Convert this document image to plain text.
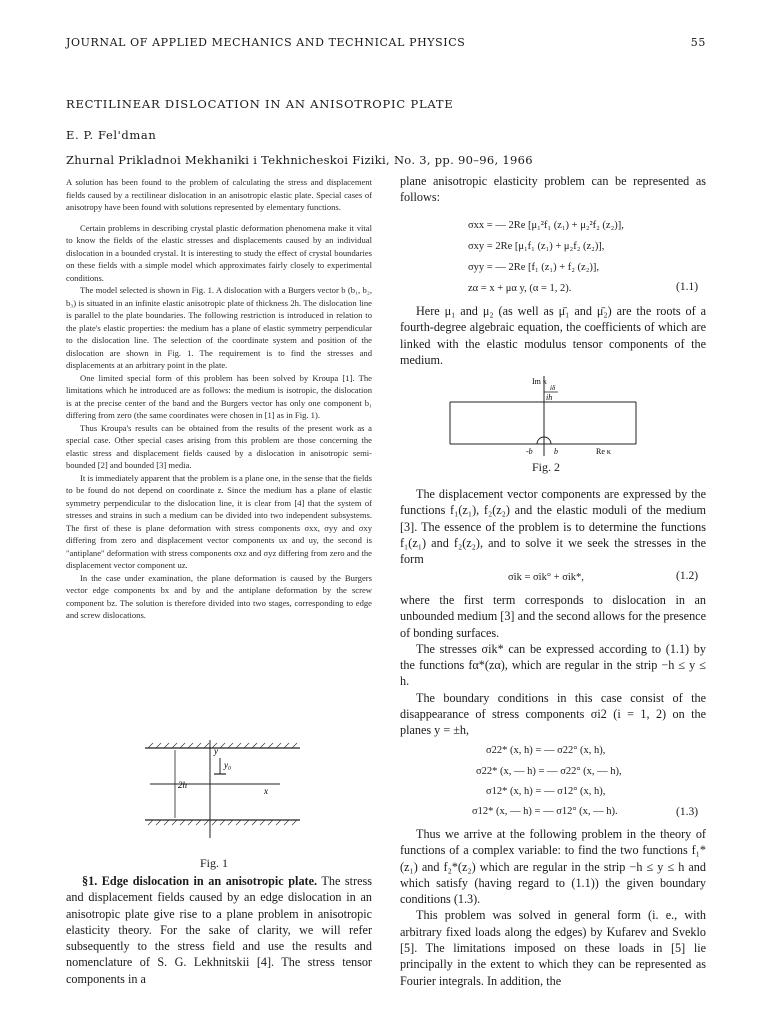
JOURNAL OF APPLIED MECHANICS AND TECHNICAL PHYSICS	55
RECTILINEAR DISLOCATION IN AN ANISOTROPIC PLATE
E. P. Fel'dman
Zhurnal Prikladnoi Mekhaniki i Tekhnicheskoi Fiziki, No. 3, pp. 90–96, 1966

A solution has been found to the problem of calculating the stress and displacement fields caused by a rectilinear dislocation in an anisotropic elastic plate. Special cases of anisotropy have been found with solutions represented by elementary functions.

Certain problems in describing crystal plastic deformation phenomena make it vital to know the fields of the elastic stresses and displacements caused by an individual dislocation in a bounded crystal. It is interesting to study the effect of crystal boundaries on these fields with a simple model which approximates fairly closely to experimental conditions.

The model selected is shown in Fig. 1. A dislocation with a Burgers vector b (b₁, b₂, b₃) is situated in an infinite elastic anisotropic plate of thickness 2h. The dislocation line is parallel to the plate boundaries. The following restriction is introduced in relation to the plate's elastic properties: the medium has a plane of elastic symmetry perpendicular to the dislocation line. The selection of the coordinate system and position of the dislocation are shown in Fig. 1. The requirement is to find the stresses and displacements at an arbitrary point in the plate.

One limited special form of this problem has been solved by Kroupa [1]. The limitations which he introduced are as follows: the medium is isotropic, the dislocation is at the precise center of the band and the Burgers vector has only one component b₁ differing from zero (the same coordinates were chosen in [1] as in Fig. 1).

Thus Kroupa's results can be obtained from the results of the present work as a special case. Other special cases arising from this problem are those concerning the elastic stress and displacement fields caused by a dislocation in anisotropic semi-bounded [2] and bounded [3] media.

It is immediately apparent that the problem is a plane one, in the sense that the fields to be found do not depend on coordinate z. Since the medium has a plane of elastic symmetry perpendicular to the dislocation line, it is clear from [4] that the system of stresses and strains in such a medium can be divided into two independent subsystems. The first of these is plane deformation with stress components σxx, σyy and σxy differing from zero and displacement vector components ux and uy, the second is "antiplane" deformation with stress components σxz and σyz differing from zero and the displacement vector component uz.

In the case under examination, the plane deformation is caused by the Burgers vector edge components bx and by and the antiplane deformation by the screw component bz. The solution is therefore divided into two stages, corresponding to edge and screw dislocations.

y
2h
y₀
x
Fig. 1

§1. Edge dislocation in an anisotropic plate. The stress and displacement fields caused by an edge dislocation in an anisotropic plate give rise to a plane problem in anisotropic elasticity theory. For the sake of clarity, we will refer subsequently to the stress field and use the results and nomenclature of S. G. Lekhnitskii [4]. The stress tensor components in a

plane anisotropic elasticity problem can be represented as follows:

σxx = — 2Re [μ₁²f₁ (z₁) + μ₂²f₂ (z₂)],
σxy = 2Re [μ₁f₁ (z₁) + μ₂f₂ (z₂)],
σyy = — 2Re [f₁ (z₁) + f₂ (z₂)],
zα = x + μα y, (α = 1, 2).	(1.1)

Here μ₁ and μ₂ (as well as μ̄₁ and μ̄₂) are the roots of a fourth-degree algebraic equation, the coefficients of which are linked with the elastic modulus tensor components of the medium.

Im κ
ih
iδ
-b	b	Re κ
Fig. 2

The displacement vector components are expressed by the functions f₁(z₁), f₂(z₂) and the elastic moduli of the medium [3]. The essence of the problem is to determine the functions f₁(z₁) and f₂(z₂), and to solve it we seek the stresses in the form

σik = σik° + σik*,	(1.2)

where the first term corresponds to dislocation in an unbounded medium [3] and the second allows for the presence of bonding surfaces.

The stresses σik* can be expressed according to (1.1) by the functions fα*(zα), which are regular in the strip −h ≤ y ≤ h.

The boundary conditions in this case consist of the disappearance of stress components σi2 (i = 1, 2) on the planes y = ±h,

σ22* (x, h) = — σ22° (x, h),
σ22* (x, — h) = — σ22° (x, — h),
σ12* (x, h) = — σ12° (x, h),
σ12* (x, — h) = — σ12° (x, — h).	(1.3)

Thus we arrive at the following problem in the theory of functions of a complex variable: to find the two functions f₁*(z₁) and f₂*(z₂) which are regular in the strip −h ≤ y ≤ h and which satisfy (having regard to (1.1)) the given boundary conditions (1.3).

This problem was solved in general form (i. e., with arbitrary fixed loads along the edges) by Kufarev and Sveklo [5]. The limitations imposed on these loads in [5] lie principally in the extent to which they can be represented as Fourier integrals. In addition, the
